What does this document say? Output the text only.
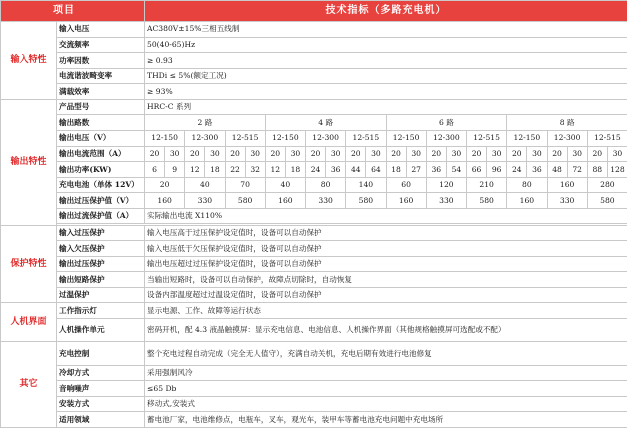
项目		技术指标（多路充电机）																							
输入特性	输入电压	AC380V±15%三相五线制																							
	交流频率	50(40-65)Hz																							
	功率因数	≥ 0.93																							
	电流谐波畸变率	THDi ≤ 5%(额定工况)																							
	满载效率	≥ 93%																							
输出特性	产品型号	HRC-C 系列																							
	输出路数	2 路						4 路						6 路						8 路					
	输出电压（V）	12-150		12-300		12-515		12-150		12-300		12-515		12-150		12-300		12-515		12-150		12-300		12-515	
	输出电流范围（A）	20	30	20	30	20	30	20	30	20	30	20	30	20	30	20	30	20	30	20	30	20	30	20	30
	输出功率(KW)	6	9	12	18	22	32	12	18	24	36	44	64	18	27	36	54	66	96	24	36	48	72	88	128
	充电电池（单体 12V）	20		40		70		40		80		140		60		120		210		80		160		280	
	输出过压保护值（V）	160		330		580		160		330		580		160		330		580		160		330		580	
	输出过流保护值（A）	实际输出电流 X110%																							

保护特性	输入过压保护	输入电压高于过压保护设定值时，设备可以自动保护																							
	输入欠压保护	输入电压低于欠压保护设定值时，设备可以自动保护																							
	输出过压保护	输出电压超过过压保护设定值时，设备可以自动保护																							
	输出短路保护	当输出短路时，设备可以自动保护，故障点切除时，自动恢复																							
	过温保护	设备内部温度超过过温设定值时，设备可以自动保护																							
人机界面	工作指示灯	显示电源、工作、故障等运行状态																							
	人机操作单元	密码开机，配 4.3 液晶触摸屏：显示充电信息、电池信息、人机操作界面（其他规格触摸屏可选配或不配）																							
其它	充电控制	整个充电过程自动完成（完全无人值守），充满自动关机，充电后期有效进行电池修复																							
	冷却方式	采用强制风冷																							
	音响噪声	≤65 Db																							
	安装方式	移动式,安装式																							
	适用领域	蓄电池厂家，电池维修点，电瓶车，叉车，观光车，装甲车等蓄电池充电问题中充电场所																							
